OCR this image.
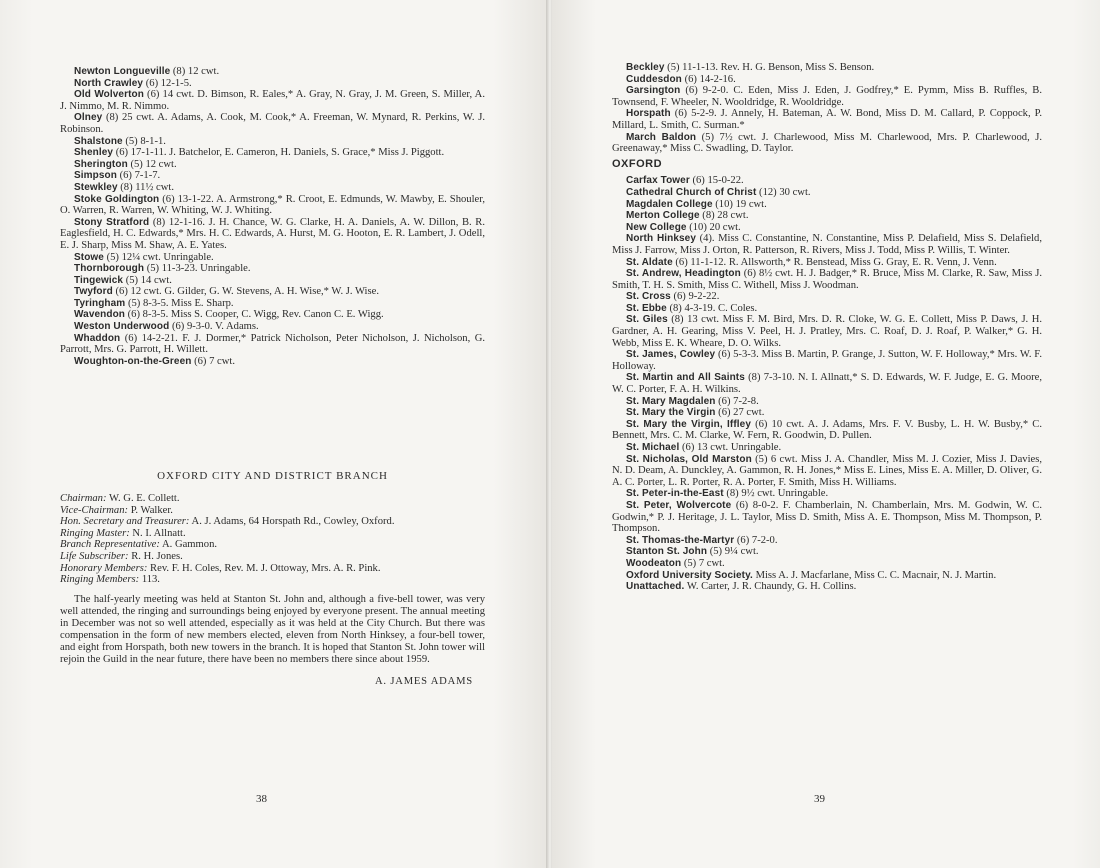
Newton Longueville (8) 12 cwt.

North Crawley (6) 12-1-5.

Old Wolverton (6) 14 cwt. D. Bimson, R. Eales,* A. Gray, N. Gray, J. M. Green, S. Miller, A. J. Nimmo, M. R. Nimmo.

Olney (8) 25 cwt. A. Adams, A. Cook, M. Cook,* A. Freeman, W. Mynard, R. Perkins, W. J. Robinson.

Shalstone (5) 8-1-1.

Shenley (6) 17-1-11. J. Batchelor, E. Cameron, H. Daniels, S. Grace,* Miss J. Piggott.

Sherington (5) 12 cwt.

Simpson (6) 7-1-7.

Stewkley (8) 11½ cwt.

Stoke Goldington (6) 13-1-22. A. Armstrong,* R. Croot, E. Edmunds, W. Mawby, E. Shouler, O. Warren, R. Warren, W. Whiting, W. J. Whiting.

Stony Stratford (8) 12-1-16. J. H. Chance, W. G. Clarke, H. A. Daniels, A. W. Dillon, B. R. Eaglesfield, H. C. Edwards,* Mrs. H. C. Edwards, A. Hurst, M. G. Hooton, E. R. Lambert, J. Odell, E. J. Sharp, Miss M. Shaw, A. E. Yates.

Stowe (5) 12¼ cwt. Unringable.

Thornborough (5) 11-3-23. Unringable.

Tingewick (5) 14 cwt.

Twyford (6) 12 cwt. G. Gilder, G. W. Stevens, A. H. Wise,* W. J. Wise.

Tyringham (5) 8-3-5. Miss E. Sharp.

Wavendon (6) 8-3-5. Miss S. Cooper, C. Wigg, Rev. Canon C. E. Wigg.

Weston Underwood (6) 9-3-0. V. Adams.

Whaddon (6) 14-2-21. F. J. Dormer,* Patrick Nicholson, Peter Nicholson, J. Nicholson, G. Parrott, Mrs. G. Parrott, H. Willett.

Woughton-on-the-Green (6) 7 cwt.

OXFORD CITY AND DISTRICT BRANCH

Chairman: W. G. E. Collett.

Vice-Chairman: P. Walker.

Hon. Secretary and Treasurer: A. J. Adams, 64 Horspath Rd., Cowley, Oxford.

Ringing Master: N. I. Allnatt.

Branch Representative: A. Gammon.

Life Subscriber: R. H. Jones.

Honorary Members: Rev. F. H. Coles, Rev. M. J. Ottoway, Mrs. A. R. Pink.

Ringing Members: 113.

The half-yearly meeting was held at Stanton St. John and, although a five-bell tower, was very well attended, the ringing and surroundings being enjoyed by everyone present. The annual meeting in December was not so well attended, especially as it was held at the City Church. But there was compensation in the form of new members elected, eleven from North Hinksey, a four-bell tower, and eight from Horspath, both new towers in the branch. It is hoped that Stanton St. John tower will rejoin the Guild in the near future, there have been no members there since about 1959.

A. JAMES ADAMS
38

Beckley (5) 11-1-13. Rev. H. G. Benson, Miss S. Benson.

Cuddesdon (6) 14-2-16.

Garsington (6) 9-2-0. C. Eden, Miss J. Eden, J. Godfrey,* E. Pymm, Miss B. Ruffles, B. Townsend, F. Wheeler, N. Wooldridge, R. Wooldridge.

Horspath (6) 5-2-9. J. Annely, H. Bateman, A. W. Bond, Miss D. M. Callard, P. Coppock, P. Millard, L. Smith, C. Surman.*

March Baldon (5) 7½ cwt. J. Charlewood, Miss M. Charlewood, Mrs. P. Charlewood, J. Greenaway,* Miss C. Swadling, D. Taylor.

OXFORD

Carfax Tower (6) 15-0-22.

Cathedral Church of Christ (12) 30 cwt.

Magdalen College (10) 19 cwt.

Merton College (8) 28 cwt.

New College (10) 20 cwt.

North Hinksey (4). Miss C. Constantine, N. Constantine, Miss P. Delafield, Miss S. Delafield, Miss J. Farrow, Miss J. Orton, R. Patterson, R. Rivers, Miss J. Todd, Miss P. Willis, T. Winter.

St. Aldate (6) 11-1-12. R. Allsworth,* R. Benstead, Miss G. Gray, E. R. Venn, J. Venn.

St. Andrew, Headington (6) 8½ cwt. H. J. Badger,* R. Bruce, Miss M. Clarke, R. Saw, Miss J. Smith, T. H. S. Smith, Miss C. Withell, Miss J. Woodman.

St. Cross (6) 9-2-22.

St. Ebbe (8) 4-3-19. C. Coles.

St. Giles (8) 13 cwt. Miss F. M. Bird, Mrs. D. R. Cloke, W. G. E. Collett, Miss P. Daws, J. H. Gardner, A. H. Gearing, Miss V. Peel, H. J. Pratley, Mrs. C. Roaf, D. J. Roaf, P. Walker,* G. H. Webb, Miss E. K. Wheare, D. O. Wilks.

St. James, Cowley (6) 5-3-3. Miss B. Martin, P. Grange, J. Sutton, W. F. Holloway,* Mrs. W. F. Holloway.

St. Martin and All Saints (8) 7-3-10. N. I. Allnatt,* S. D. Edwards, W. F. Judge, E. G. Moore, W. C. Porter, F. A. H. Wilkins.

St. Mary Magdalen (6) 7-2-8.

St. Mary the Virgin (6) 27 cwt.

St. Mary the Virgin, Iffley (6) 10 cwt. A. J. Adams, Mrs. F. V. Busby, L. H. W. Busby,* C. Bennett, Mrs. C. M. Clarke, W. Fern, R. Goodwin, D. Pullen.

St. Michael (6) 13 cwt. Unringable.

St. Nicholas, Old Marston (5) 6 cwt. Miss J. A. Chandler, Miss M. J. Cozier, Miss J. Davies, N. D. Deam, A. Dunckley, A. Gammon, R. H. Jones,* Miss E. Lines, Miss E. A. Miller, D. Oliver, G. A. C. Porter, L. R. Porter, R. A. Porter, F. Smith, Miss H. Williams.

St. Peter-in-the-East (8) 9½ cwt. Unringable.

St. Peter, Wolvercote (6) 8-0-2. F. Chamberlain, N. Chamberlain, Mrs. M. Godwin, W. C. Godwin,* P. J. Heritage, J. L. Taylor, Miss D. Smith, Miss A. E. Thompson, Miss M. Thompson, P. Thompson.

St. Thomas-the-Martyr (6) 7-2-0.

Stanton St. John (5) 9¼ cwt.

Woodeaton (5) 7 cwt.

Oxford University Society. Miss A. J. Macfarlane, Miss C. C. Macnair, N. J. Martin.

Unattached. W. Carter, J. R. Chaundy, G. H. Collins.

39
